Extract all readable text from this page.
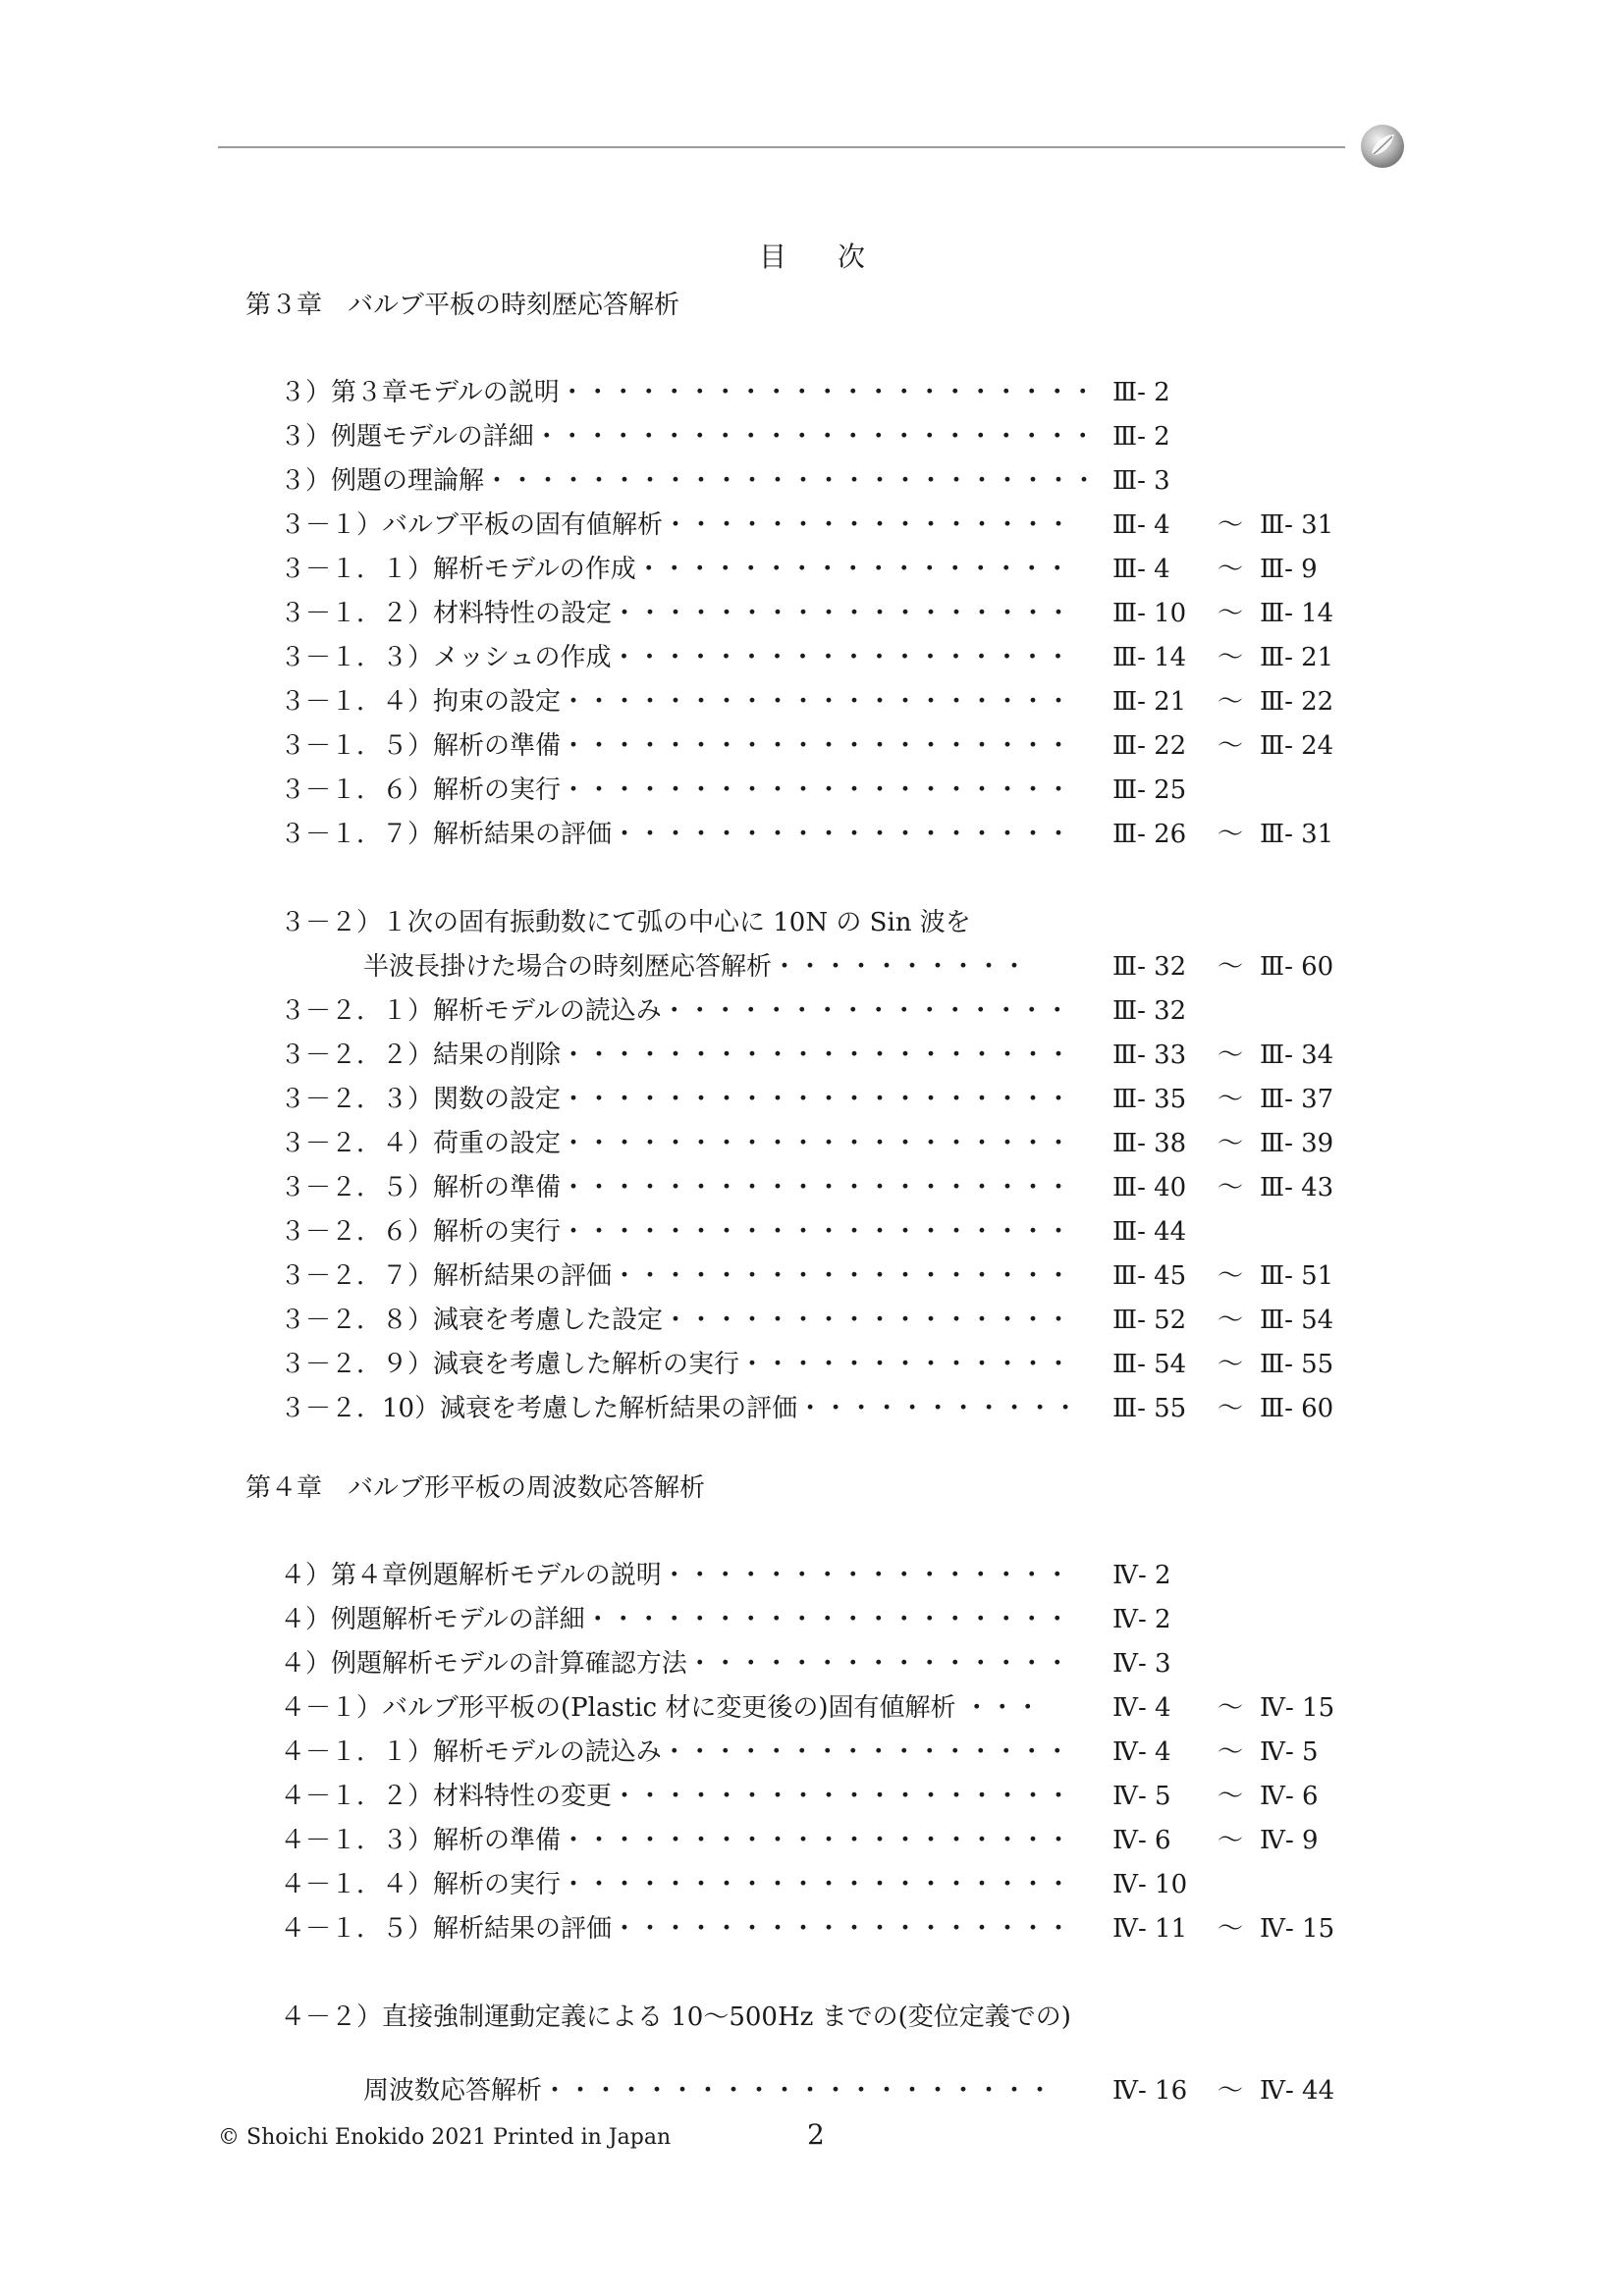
目次
第３章　バルブ平板の時刻歴応答解析
３）第３章モデルの説明・・・・・・・・・・・・・・・・・・・・・ Ⅲ- 2
３）例題モデルの詳細・・・・・・・・・・・・・・・・・・・・・・ Ⅲ- 2
３）例題の理論解・・・・・・・・・・・・・・・・・・・・・・・・ Ⅲ- 3
３－１）バルブ平板の固有値解析・・・・・・・・・・・・・・・・ Ⅲ- 4 ～ Ⅲ- 31
３－１．１）解析モデルの作成・・・・・・・・・・・・・・・・・ Ⅲ- 4 ～ Ⅲ- 9
３－１．２）材料特性の設定・・・・・・・・・・・・・・・・・・ Ⅲ- 10 ～ Ⅲ- 14
３－１．３）メッシュの作成・・・・・・・・・・・・・・・・・・ Ⅲ- 14 ～ Ⅲ- 21
３－１．４）拘束の設定・・・・・・・・・・・・・・・・・・・・ Ⅲ- 21 ～ Ⅲ- 22
３－１．５）解析の準備・・・・・・・・・・・・・・・・・・・・ Ⅲ- 22 ～ Ⅲ- 24
３－１．６）解析の実行・・・・・・・・・・・・・・・・・・・・ Ⅲ- 25
３－１．７）解析結果の評価・・・・・・・・・・・・・・・・・・ Ⅲ- 26 ～ Ⅲ- 31
３－２）１次の固有振動数にて弧の中心に 10N の Sin 波を
半波長掛けた場合の時刻歴応答解析・・・・・・・・・・	Ⅲ- 32 ～ Ⅲ- 60
３－２．１）解析モデルの読込み・・・・・・・・・・・・・・・・ Ⅲ- 32
３－２．２）結果の削除・・・・・・・・・・・・・・・・・・・・ Ⅲ- 33 ～ Ⅲ- 34
３－２．３）関数の設定・・・・・・・・・・・・・・・・・・・・ Ⅲ- 35 ～ Ⅲ- 37
３－２．４）荷重の設定・・・・・・・・・・・・・・・・・・・・ Ⅲ- 38 ～ Ⅲ- 39
３－２．５）解析の準備・・・・・・・・・・・・・・・・・・・・ Ⅲ- 40 ～ Ⅲ- 43
３－２．６）解析の実行・・・・・・・・・・・・・・・・・・・・ Ⅲ- 44
３－２．７）解析結果の評価・・・・・・・・・・・・・・・・・・ Ⅲ- 45 ～ Ⅲ- 51
３－２．８）減衰を考慮した設定・・・・・・・・・・・・・・・・ Ⅲ- 52 ～ Ⅲ- 54
３－２．９）減衰を考慮した解析の実行・・・・・・・・・・・・・ Ⅲ- 54 ～ Ⅲ- 55
３－２．10）減衰を考慮した解析結果の評価・・・・・・・・・・・ Ⅲ- 55 ～ Ⅲ- 60
第４章　バルブ形平板の周波数応答解析
４）第４章例題解析モデルの説明・・・・・・・・・・・・・・・・ Ⅳ- 2
４）例題解析モデルの詳細・・・・・・・・・・・・・・・・・・・ Ⅳ- 2
４）例題解析モデルの計算確認方法・・・・・・・・・・・・・・・ Ⅳ- 3
４－１）バルブ形平板の(Plastic 材に変更後の)固有値解析 ・・・	Ⅳ- 4 ～ Ⅳ- 15
４－１．１）解析モデルの読込み・・・・・・・・・・・・・・・・ Ⅳ- 4 ～ Ⅳ- 5
４－１．２）材料特性の変更・・・・・・・・・・・・・・・・・・ Ⅳ- 5 ～ Ⅳ- 6
４－１．３）解析の準備・・・・・・・・・・・・・・・・・・・・ Ⅳ- 6 ～ Ⅳ- 9
４－１．４）解析の実行・・・・・・・・・・・・・・・・・・・・ Ⅳ- 10
４－１．５）解析結果の評価・・・・・・・・・・・・・・・・・・ Ⅳ- 11 ～ Ⅳ- 15
４－２）直接強制運動定義による 10～500Hz までの(変位定義での)
周波数応答解析・・・・・・・・・・・・・・・・・・・・ Ⅳ- 16 ～ Ⅳ- 44
© Shoichi Enokido 2021 Printed in Japan	2
